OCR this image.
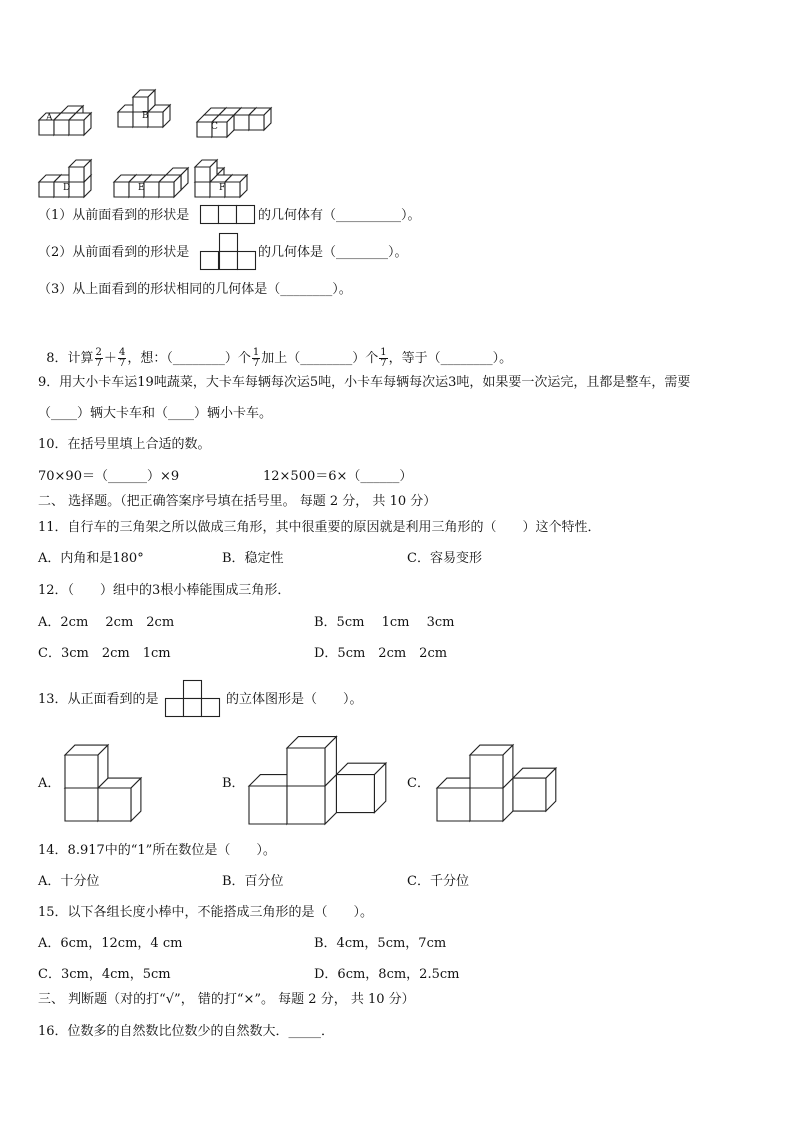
A	B
C
D	E	F
（1）从前面看到的形状是	的几何体有（__________）。
（2）从前面看到的形状是	的几何体是（________）。
（3）从上面看到的形状相同的几何体是（________）。

8．计算 $\frac{2}{7} + \frac{4}{7}$ ，想：（________）个 $\frac{1}{7}$ 加上（________）个 $\frac{1}{7}$ ，等于（________）。

9．用大小卡车运19吨蔬菜，大卡车每辆每次运5吨，小卡车每辆每次运3吨，如果要一次运完，且都是整车，需要
（____）辆大卡车和（____）辆小卡车。
10．在括号里填上合适的数。
70×90＝（______）×9	12×500＝6×（______）
二、 选择题。（把正确答案序号填在括号里。 每题 2 分， 共 10 分）
11．自行车的三角架之所以做成三角形，其中很重要的原因就是利用三角形的（　　）这个特性．
A．内角和是180°	B．稳定性	C．容易变形
12．（　　）组中的3根小棒能围成三角形．
A．2cm　 2cm　2cm	B．5cm　 1cm　 3cm
C．3cm　2cm　1cm	D．5cm　2cm　2cm
13．从正面看到的是	的立体图形是（　　）。
A．	B．	C．
14．8.917中的“1”所在数位是（　　）。
A．十分位	B．百分位	C．千分位
15．以下各组长度小棒中，不能搭成三角形的是（　　）。
A．6cm，12cm，4 cm	B．4cm，5cm，7cm
C．3cm，4cm，5cm	D．6cm，8cm，2.5cm
三、 判断题（对的打“√”， 错的打“×”。 每题 2 分， 共 10 分）
16．位数多的自然数比位数少的自然数大．_____．
